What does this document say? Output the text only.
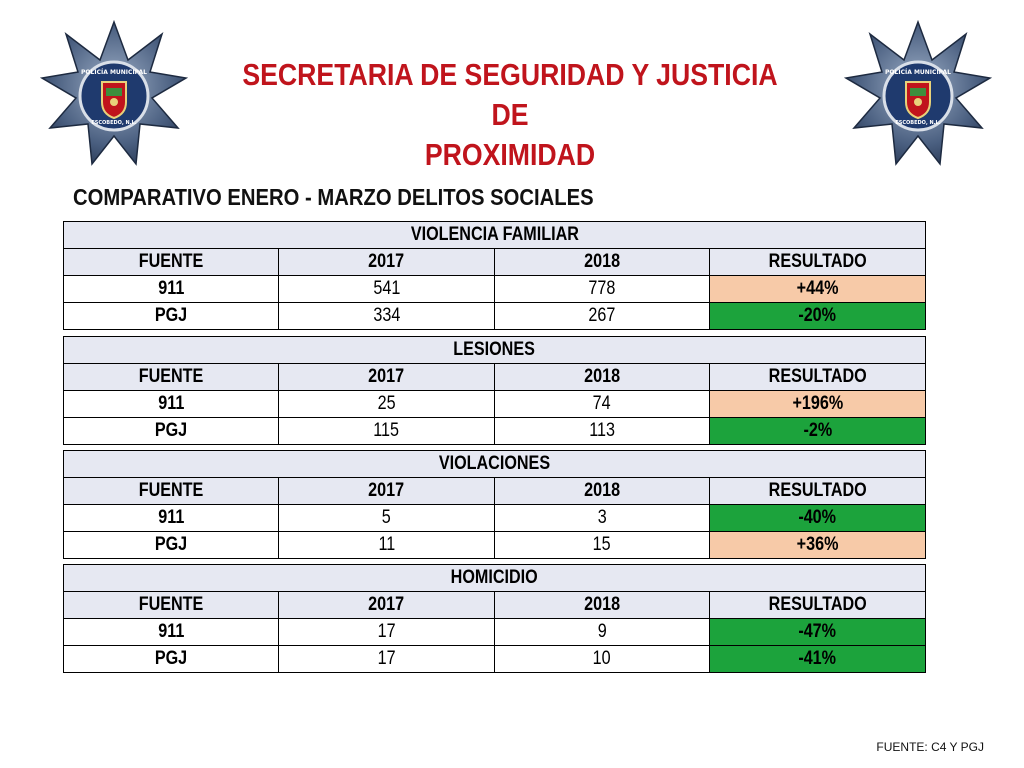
POLICÍA MUNICIPAL
ESCOBEDO, N.L.
POLICÍA MUNICIPAL
ESCOBEDO, N.L.
SECRETARIA DE SEGURIDAD Y JUSTICIA DE
PROXIMIDAD
COMPARATIVO ENERO - MARZO DELITOS SOCIALES
VIOLENCIA FAMILIAR			
FUENTE	2017	2018	RESULTADO
911	541	778	+44%
PGJ	334	267	-20%
LESIONES			
FUENTE	2017	2018	RESULTADO
911	25	74	+196%
PGJ	115	113	-2%
VIOLACIONES			
FUENTE	2017	2018	RESULTADO
911	5	3	-40%
PGJ	11	15	+36%
HOMICIDIO			
FUENTE	2017	2018	RESULTADO
911	17	9	-47%
PGJ	17	10	-41%
FUENTE: C4 Y PGJ
